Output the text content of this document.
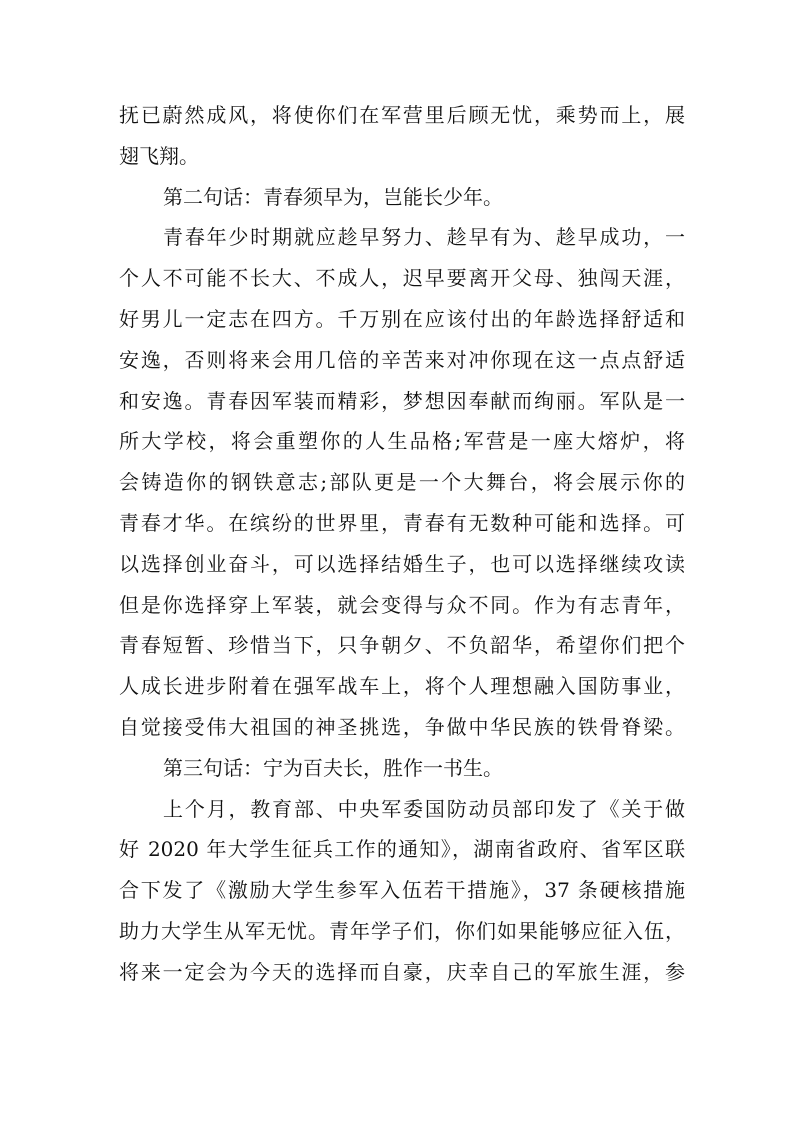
抚已蔚然成风，将使你们在军营里后顾无忧，乘势而上，展
翅飞翔。
第二句话：青春须早为，岂能长少年。
青春年少时期就应趁早努力、趁早有为、趁早成功，一
个人不可能不长大、不成人，迟早要离开父母、独闯天涯，
好男儿一定志在四方。千万别在应该付出的年龄选择舒适和
安逸，否则将来会用几倍的辛苦来对冲你现在这一点点舒适
和安逸。青春因军装而精彩，梦想因奉献而绚丽。军队是一
所大学校，将会重塑你的人生品格;军营是一座大熔炉，将
会铸造你的钢铁意志;部队更是一个大舞台，将会展示你的
青春才华。在缤纷的世界里，青春有无数种可能和选择。可
以选择创业奋斗，可以选择结婚生子，也可以选择继续攻读
但是你选择穿上军装，就会变得与众不同。作为有志青年，
青春短暂、珍惜当下，只争朝夕、不负韶华，希望你们把个
人成长进步附着在强军战车上，将个人理想融入国防事业，
自觉接受伟大祖国的神圣挑选，争做中华民族的铁骨脊梁。
第三句话：宁为百夫长，胜作一书生。
上个月，教育部、中央军委国防动员部印发了《关于做
好 2020 年大学生征兵工作的通知》，湖南省政府、省军区联
合下发了《激励大学生参军入伍若干措施》，37 条硬核措施
助力大学生从军无忧。青年学子们，你们如果能够应征入伍，
将来一定会为今天的选择而自豪，庆幸自己的军旅生涯，参
